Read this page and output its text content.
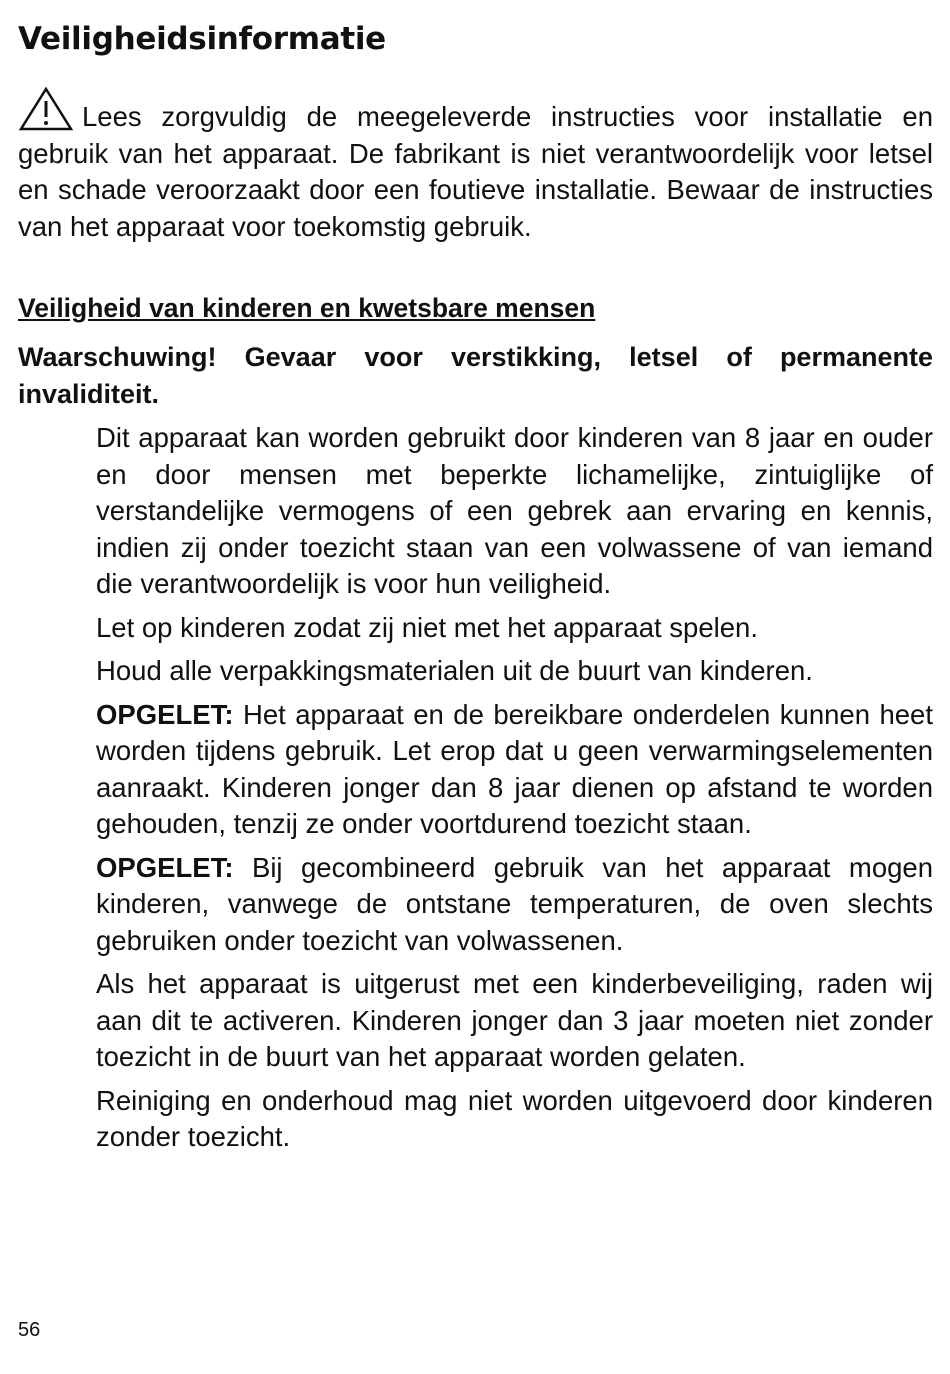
Veiligheidsinformatie

Lees zorgvuldig de meegeleverde instructies voor installatie en gebruik van het apparaat. De fabrikant is niet verantwoordelijk voor letsel en schade veroorzaakt door een foutieve installatie. Bewaar de instructies van het apparaat voor toekomstig gebruik.

Veiligheid van kinderen en kwetsbare mensen

Waarschuwing! Gevaar voor verstikking, letsel of permanente invaliditeit.

Dit apparaat kan worden gebruikt door kinderen van 8 jaar en ouder en door mensen met beperkte lichamelijke, zintuiglijke of verstandelijke vermogens of een gebrek aan ervaring en kennis, indien zij onder toezicht staan van een volwassene of van iemand die verantwoordelijk is voor hun veiligheid.

Let op kinderen zodat zij niet met het apparaat spelen.

Houd alle verpakkingsmaterialen uit de buurt van kinderen.

OPGELET: Het apparaat en de bereikbare onderdelen kunnen heet worden tijdens gebruik. Let erop dat u geen verwarmingselementen aanraakt. Kinderen jonger dan 8 jaar dienen op afstand te worden gehouden, tenzij ze onder voortdurend toezicht staan.

OPGELET: Bij gecombineerd gebruik van het apparaat mogen kinderen, vanwege de ontstane temperaturen, de oven slechts gebruiken onder toezicht van volwassenen.

Als het apparaat is uitgerust met een kinderbeveiliging, raden wij aan dit te activeren. Kinderen jonger dan 3 jaar moeten niet zonder toezicht in de buurt van het apparaat worden gelaten.

Reiniging en onderhoud mag niet worden uitgevoerd door kinderen zonder toezicht.

56
